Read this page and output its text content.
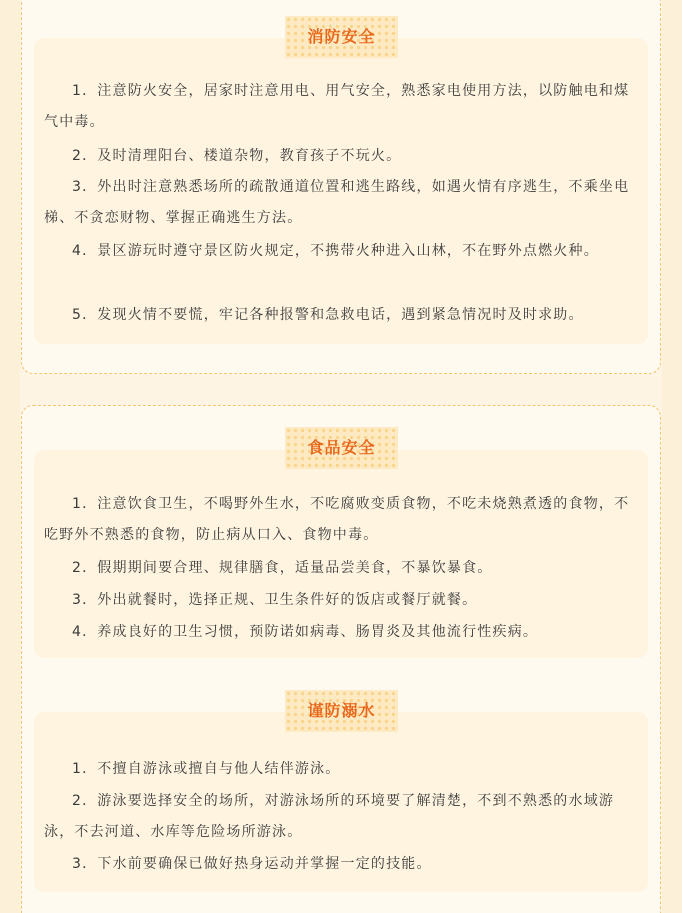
消防安全
1．注意防火安全，居家时注意用电、用气安全，熟悉家电使用方法，以防触电和煤气中毒。
2．及时清理阳台、楼道杂物，教育孩子不玩火。
3．外出时注意熟悉场所的疏散通道位置和逃生路线，如遇火情有序逃生，不乘坐电梯、不贪恋财物、掌握正确逃生方法。
4．景区游玩时遵守景区防火规定，不携带火种进入山林，不在野外点燃火种。
5．发现火情不要慌，牢记各种报警和急救电话，遇到紧急情况时及时求助。
食品安全
1．注意饮食卫生，不喝野外生水，不吃腐败变质食物，不吃未烧熟煮透的食物，不吃野外不熟悉的食物，防止病从口入、食物中毒。
2．假期期间要合理、规律膳食，适量品尝美食，不暴饮暴食。
3．外出就餐时，选择正规、卫生条件好的饭店或餐厅就餐。
4．养成良好的卫生习惯，预防诺如病毒、肠胃炎及其他流行性疾病。
谨防溺水
1．不擅自游泳或擅自与他人结伴游泳。
2．游泳要选择安全的场所，对游泳场所的环境要了解清楚，不到不熟悉的水域游泳，不去河道、水库等危险场所游泳。
3．下水前要确保已做好热身运动并掌握一定的技能。
